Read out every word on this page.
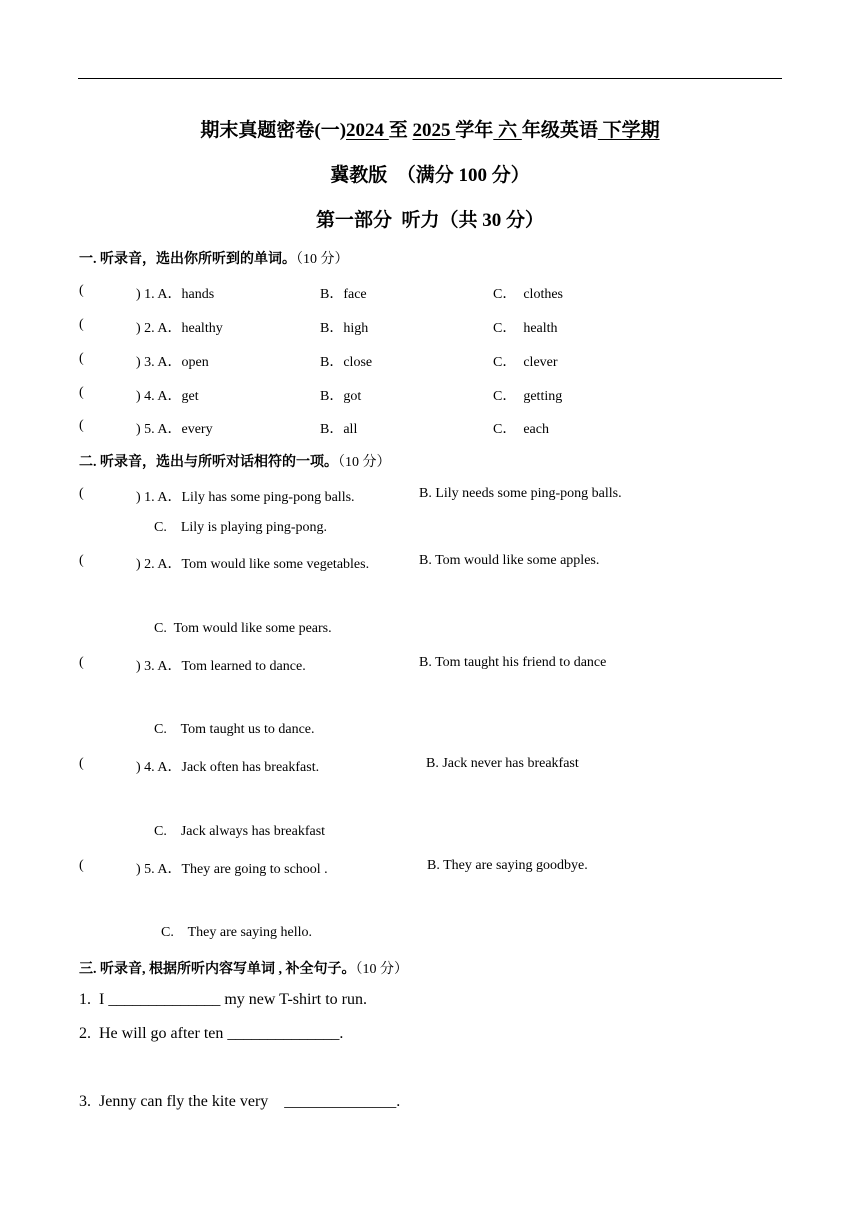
期末真题密卷(一)2024 至 2025 学年 六 年级英语 下学期
冀教版  （满分 100 分）
第一部分  听力（共 30 分）
一. 听录音，选出你所听到的单词。（10 分）
(	) 1. A．hands	B．face	C．  clothes
(	) 2. A．healthy	B．high	C．  health
(	) 3. A．open	B．close	C．  clever
(	) 4. A．get	B．got	C．  getting
(	) 5. A．every	B．all	C．  each
二. 听录音，选出与所听对话相符的一项。（10 分）
(	) 1. A．Lily has some ping-pong balls.	B. Lily needs some ping-pong balls.
C.    Lily is playing ping-pong.
(	) 2. A．Tom would like some vegetables.	B. Tom would like some apples.
C.  Tom would like some pears.
(	) 3. A．Tom learned to dance.	B. Tom taught his friend to dance
C.    Tom taught us to dance.
(	) 4. A．Jack often has breakfast.	B. Jack never has breakfast
C.    Jack always has breakfast
(	) 5. A．They are going to school .	B. They are saying goodbye.
C.    They are saying hello.
三. 听录音, 根据所听内容写单词 , 补全句子。（10 分）
1.  I ______________ my new T-shirt to run.
2.  He will go after ten ______________.
3.  Jenny can fly the kite very    ______________.
